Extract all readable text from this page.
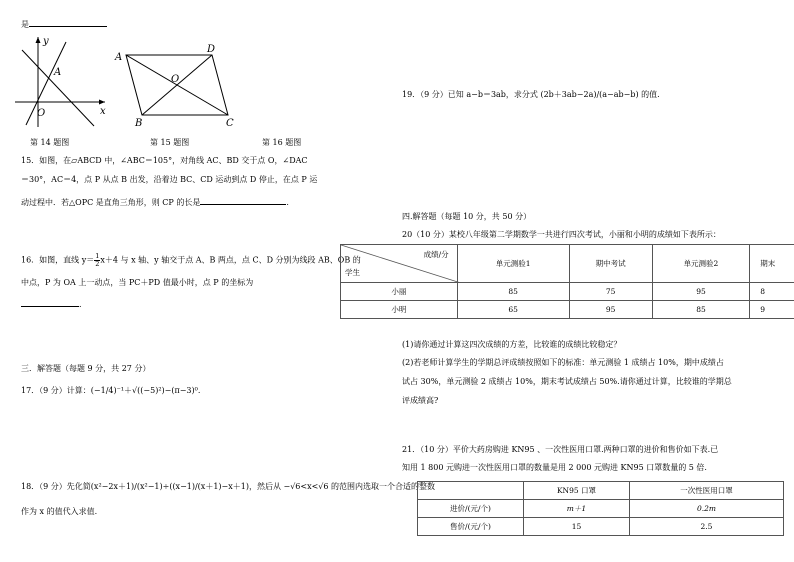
是
y
x
A
O
第 14 题图
A
D
B	C
O
第 15 题图	第 16 题图
15．如图，在▱ABCD 中，∠ABC＝105°，对角线 AC、BD 交于点 O，∠DAC
＝30°，AC＝4，点 P 从点 B 出发，沿着边 BC、CD 运动到点 D 停止，在点 P 运
动过程中．若△OPC 是直角三角形，则 CP 的长是	.
16．如图，直线 $y= \frac{1}{2} x+4$ 与 x 轴、y 轴交于点 A、B 两点，点 C、D 分别为线段 AB、OB 的
中点，P 为 OA 上一动点，当 PC＋PD 值最小时，点 P 的坐标为
.
三．解答题（每题 9 分，共 27 分）
17．（9 分）计算：(−1/4)⁻¹＋√((−5)²)−(π−3)⁰.
18．（9 分）先化简(x²−2x＋1)/(x²−1)÷((x−1)/(x＋1)−x＋1)，然后从 −√6<x<√6 的范围内选取一个合适的整数
作为 x 的值代入求值.
19．（9 分）已知 a−b＝3ab，求分式 (2b＋3ab−2a)/(a−ab−b) 的值.
四.解答题（每题 10 分，共 50 分）
20（10 分）某校八年级第二学期数学一共进行四次考试，小丽和小明的成绩如下表所示：
成绩/分
学生	单元测验1	期中考试	单元测验2	期末
小丽	85	75	95	8
小明	65	95	85	9
(1)请你通过计算这四次成绩的方差，比较谁的成绩比较稳定？
(2)若老师计算学生的学期总评成绩按照如下的标准：单元测验 1 成绩占 10%，期中成绩占
试占 30%，单元测验 2 成绩占 10%，期末考试成绩占 50%.请你通过计算，比较谁的学期总
评成绩高?
21．（10 分）平价大药房购进 KN95 、一次性医用口罩.两种口罩的进价和售价如下表.已
知用 1 800 元购进一次性医用口罩的数量是用 2 000 元购进 KN95 口罩数量的 5 倍.
	KN95 口罩	一次性医用口罩
进价/(元/个)	m＋1	0.2m
售价/(元/个)	15	2.5
